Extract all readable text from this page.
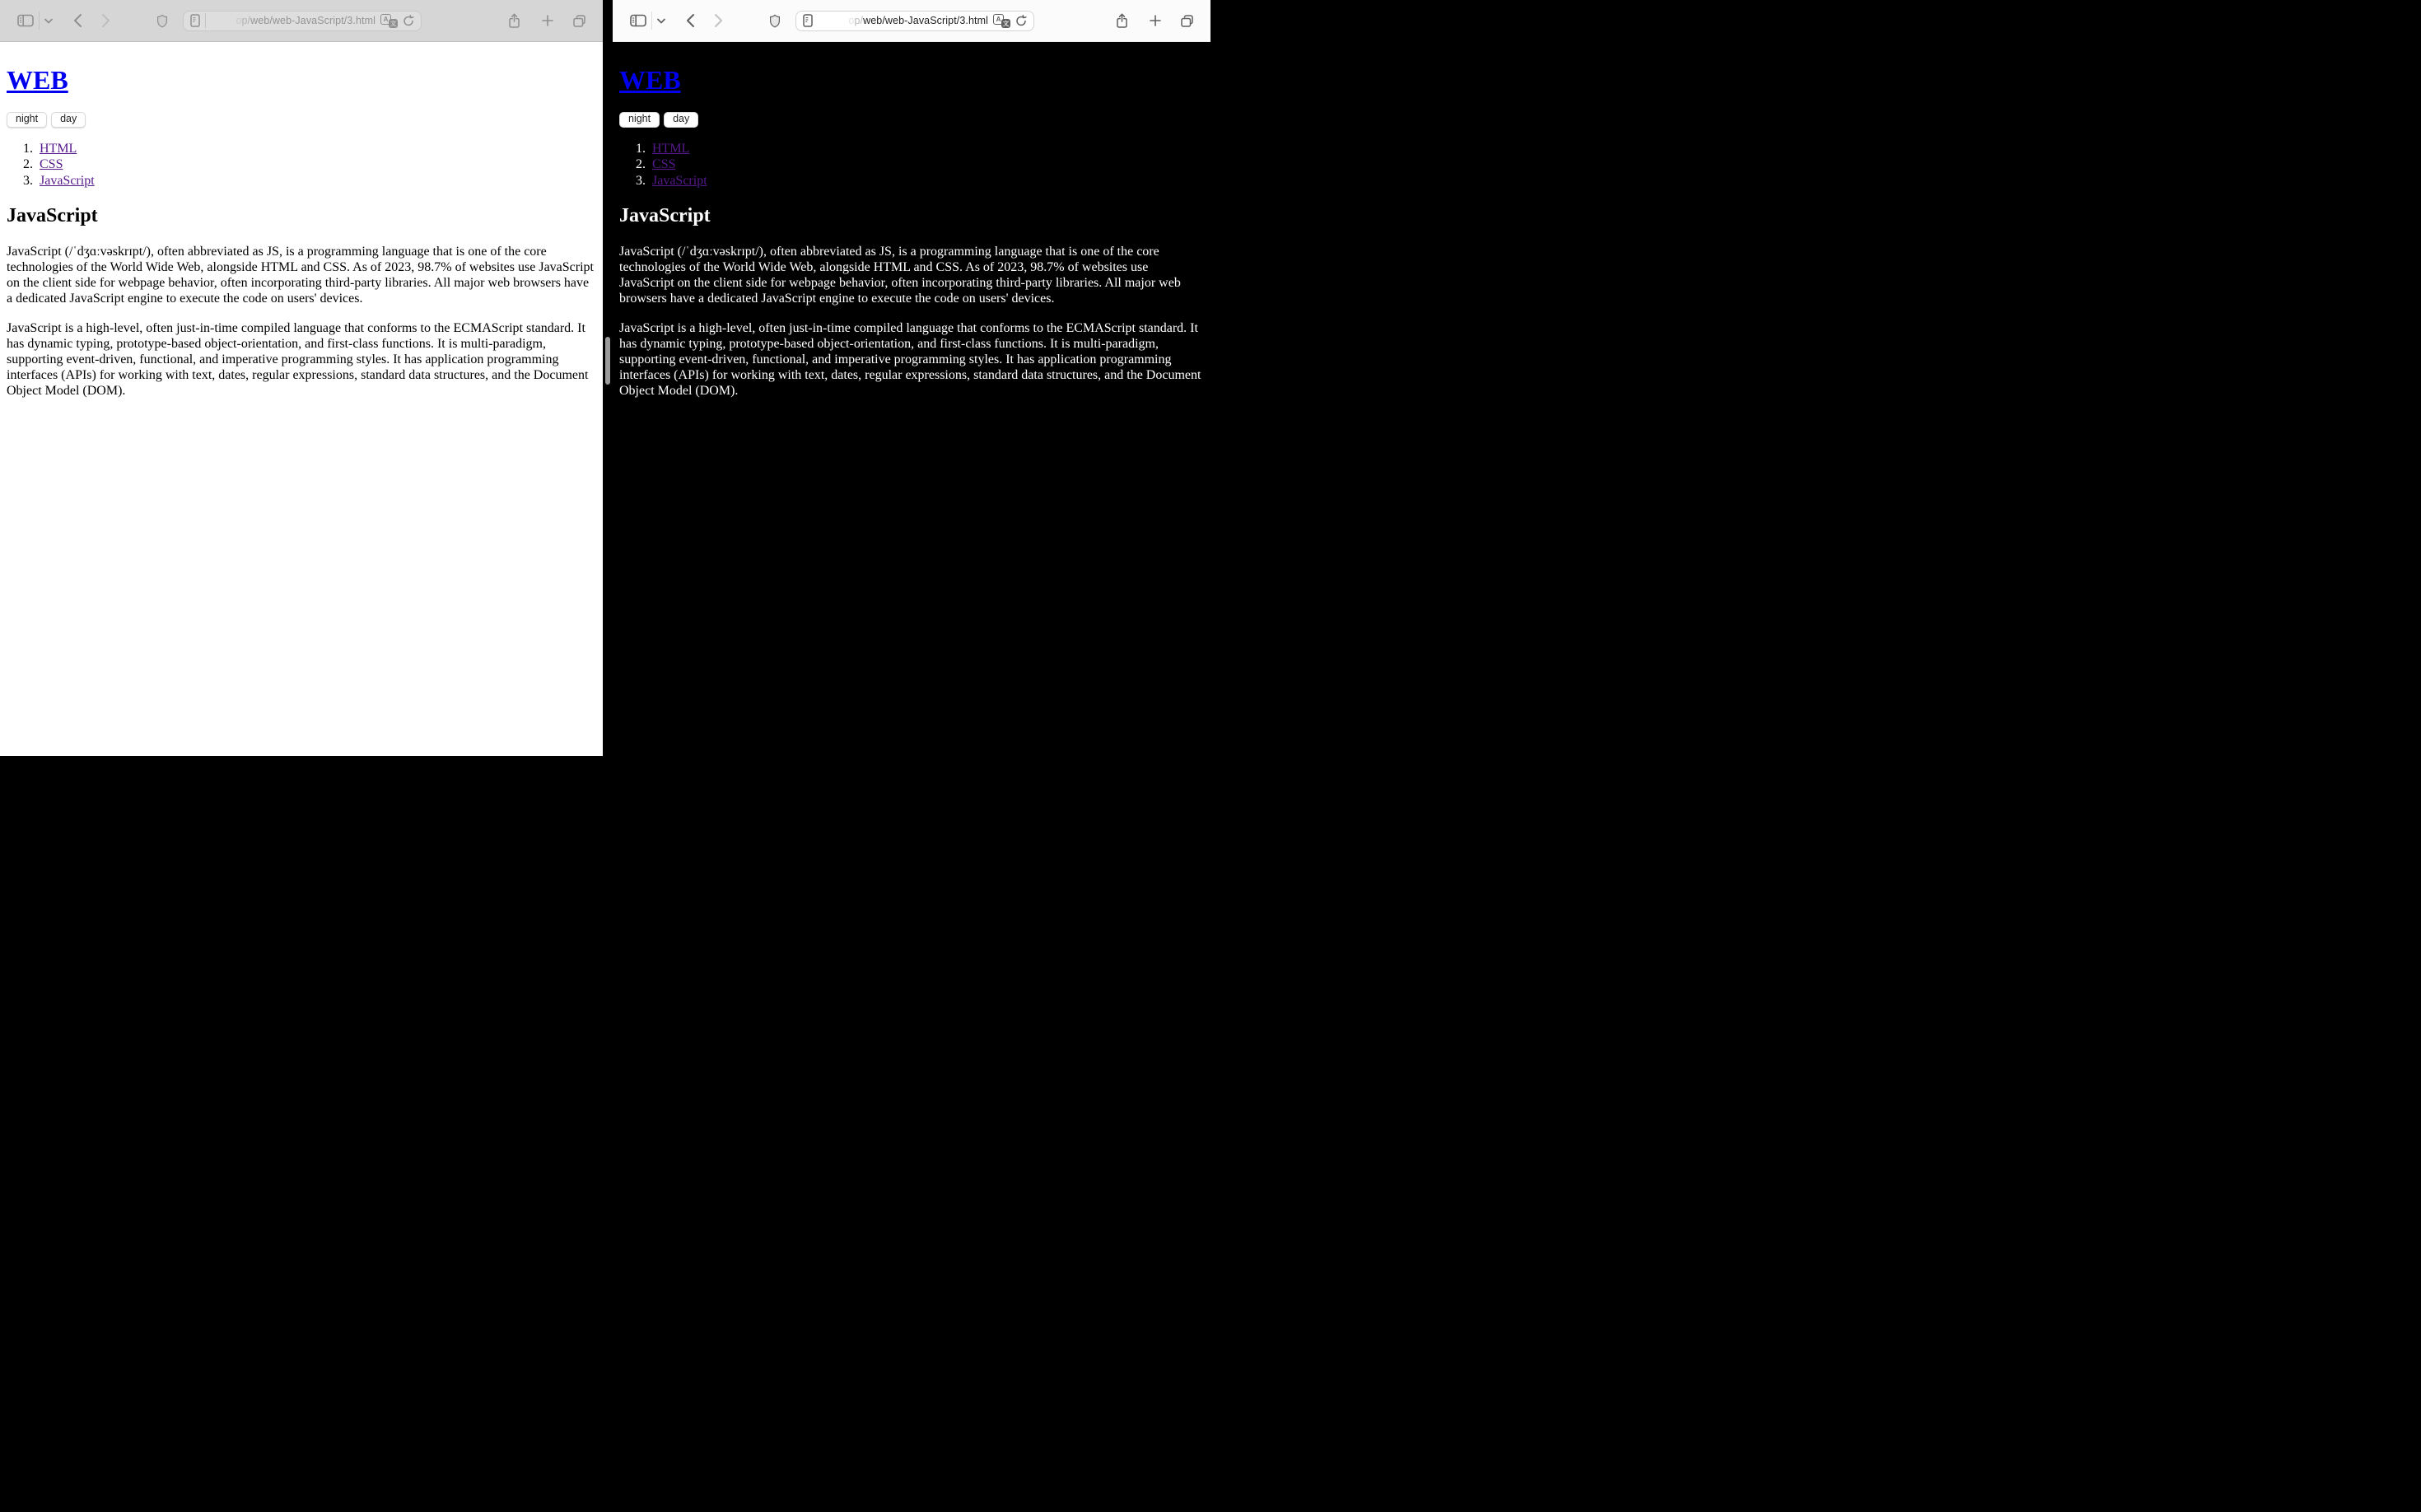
op/web/web-JavaScript/3.html	A
文
WEB
night	day
1. HTML
2. CSS
3. JavaScript
JavaScript

JavaScript (/ˈdʒɑːvəskrɪpt/), often abbreviated as JS, is a programming language that is one of the core technologies of the World Wide Web, alongside HTML and CSS. As of 2023, 98.7% of websites use JavaScript on the client side for webpage behavior, often incorporating third-party libraries. All major web browsers have a dedicated JavaScript engine to execute the code on users' devices.

JavaScript is a high-level, often just-in-time compiled language that conforms to the ECMAScript standard. It has dynamic typing, prototype-based object-orientation, and first-class functions. It is multi-paradigm, supporting event-driven, functional, and imperative programming styles. It has application programming interfaces (APIs) for working with text, dates, regular expressions, standard data structures, and the Document Object Model (DOM).

op/web/web-JavaScript/3.html	A
文
WEB
night	day
1. HTML
2. CSS
3. JavaScript
JavaScript

JavaScript (/ˈdʒɑːvəskrɪpt/), often abbreviated as JS, is a programming language that is one of the core technologies of the World Wide Web, alongside HTML and CSS. As of 2023, 98.7% of websites use JavaScript on the client side for webpage behavior, often incorporating third-party libraries. All major web browsers have a dedicated JavaScript engine to execute the code on users' devices.

JavaScript is a high-level, often just-in-time compiled language that conforms to the ECMAScript standard. It has dynamic typing, prototype-based object-orientation, and first-class functions. It is multi-paradigm, supporting event-driven, functional, and imperative programming styles. It has application programming interfaces (APIs) for working with text, dates, regular expressions, standard data structures, and the Document Object Model (DOM).
